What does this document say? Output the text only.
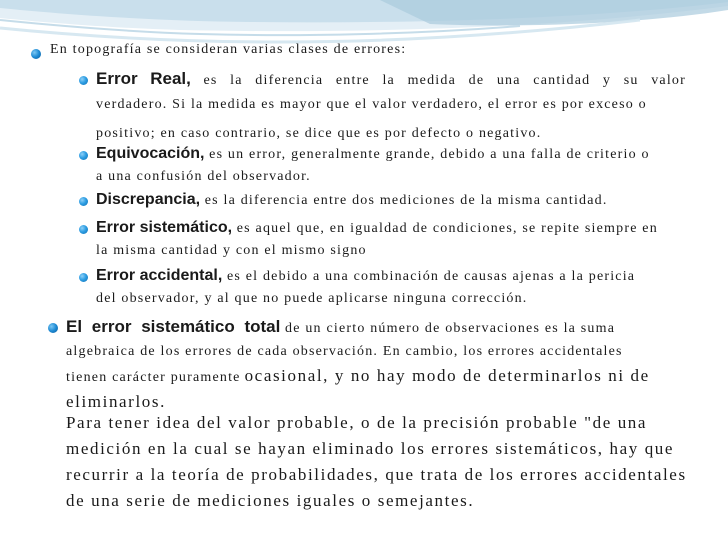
En topografía se consideran varias clases de errores:
Error Real, es la diferencia entre la medida de una cantidad y su valor
verdadero. Si la medida es mayor que el valor verdadero, el error es por exceso o
positivo; en caso contrario, se dice que es por defecto o negativo.
Equivocación, es un error, generalmente grande, debido a una falla de criterio o
a una confusión del observador.
Discrepancia, es la diferencia entre dos mediciones de la misma cantidad.
Error sistemático, es aquel que, en igualdad de condiciones, se repite siempre en
la misma cantidad y con el mismo signo
Error accidental, es el debido a una combinación de causas ajenas a la pericia
del observador, y al que no puede aplicarse ninguna corrección.
El error sistemático total de un cierto número de observaciones es la suma
algebraica de los errores de cada observación. En cambio, los errores accidentales
tienen carácter puramente ocasional, y no hay modo de determinarlos ni de
eliminarlos.
Para tener idea del valor probable, o de la precisión probable "de una
medición en la cual se hayan eliminado los errores sistemáticos, hay que
recurrir a la teoría de probabilidades, que trata de los errores accidentales
de una serie de mediciones iguales o semejantes.
